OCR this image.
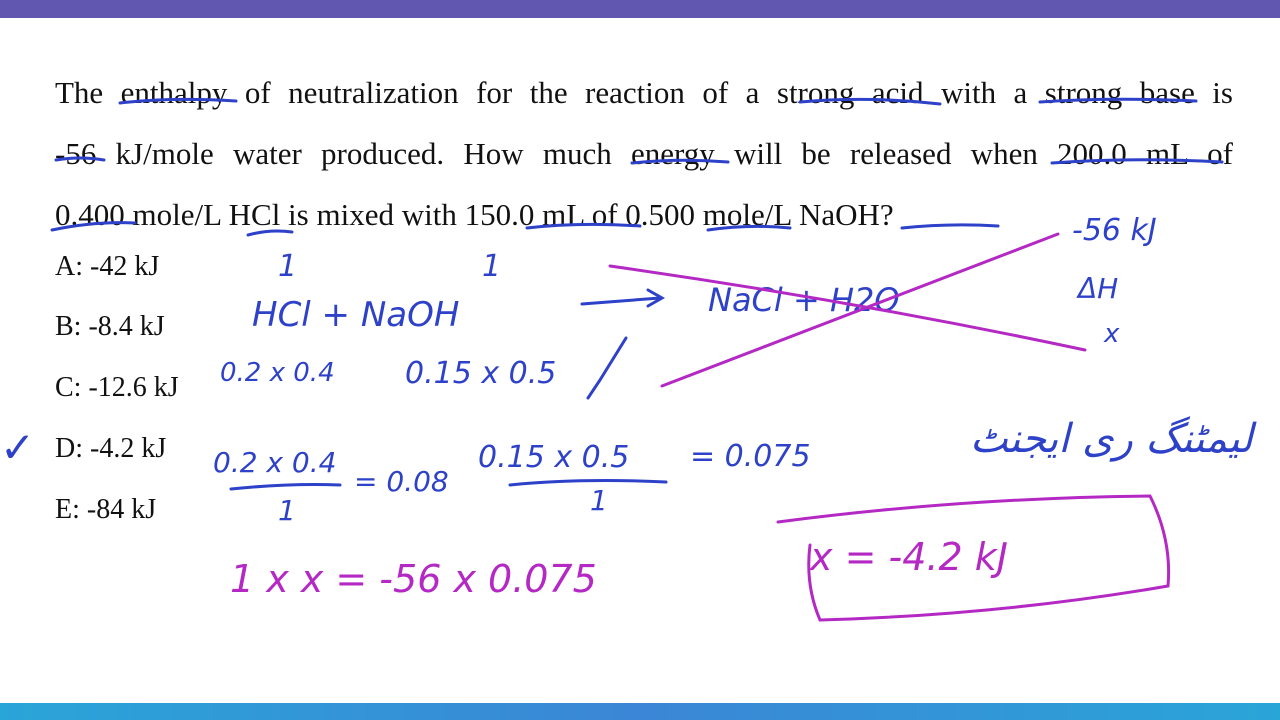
The enthalpy of neutralization for the reaction of a strong acid with a strong base is
-56 kJ/mole water produced. How much energy will be released when 200.0 mL of
0.400 mole/L HCl is mixed with 150.0 mL of 0.500 mole/L NaOH?
A: -42 kJ
B: -8.4 kJ
C: -12.6 kJ
D: -4.2 kJ
E: -84 kJ
1	1
HCl + NaOH	NaCl + H2O
0.2 x 0.4 0.15 x 0.5
0.2 x 0.4
1
= 0.08
0.15 x 0.5
1
= 0.075
-56 kJ
ΔH
x
لیمٹنگ ری ایجنٹ
✓
1 x x = -56 x 0.075	x = -4.2 kJ
